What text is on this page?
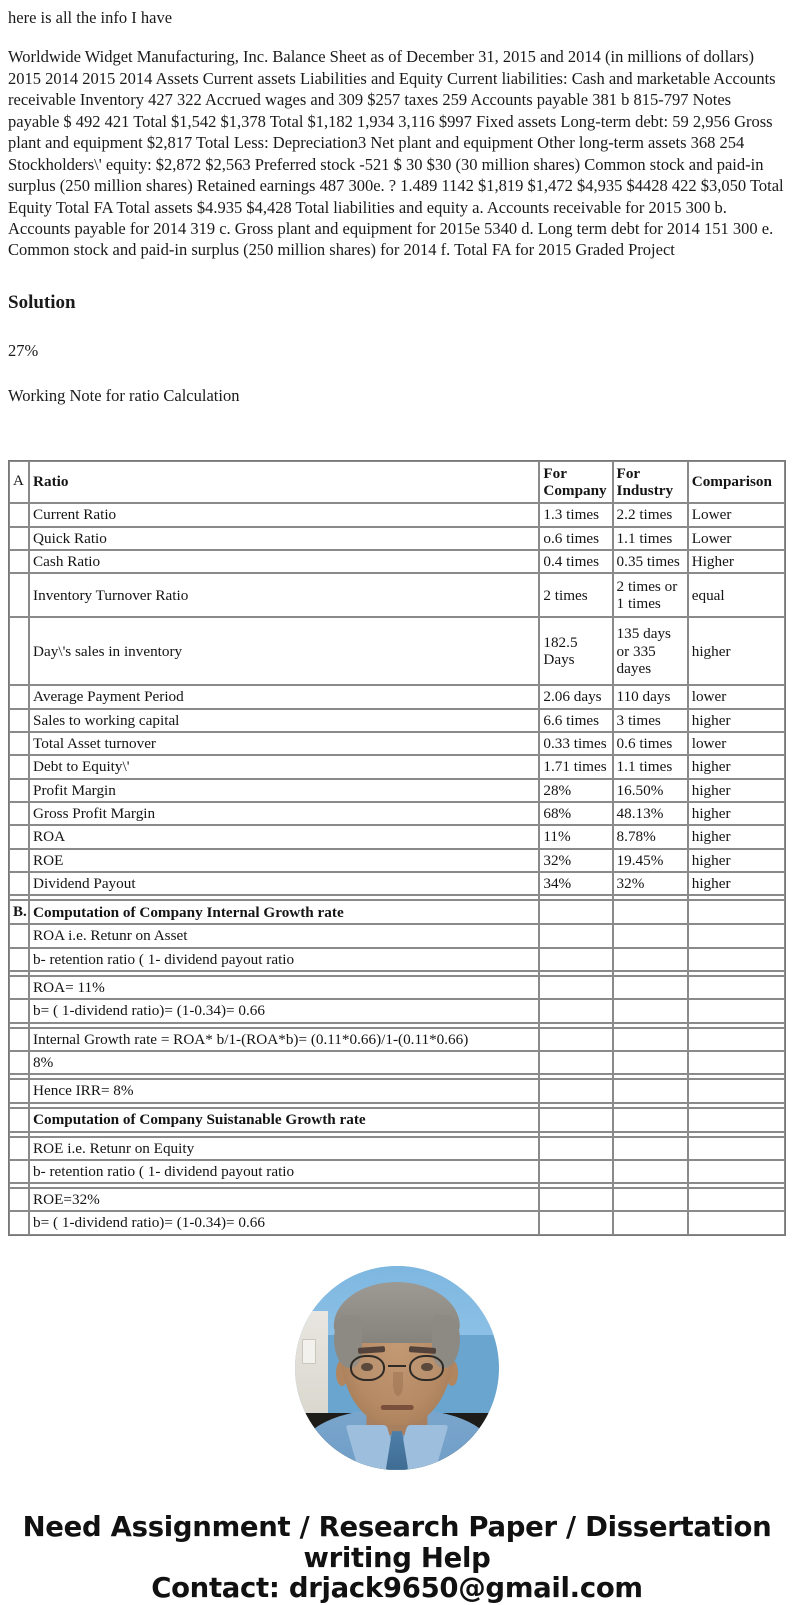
here is all the info I have

Worldwide Widget Manufacturing, Inc. Balance Sheet as of December 31, 2015 and 2014 (in millions of dollars) 2015 2014 2015 2014 Assets Current assets Liabilities and Equity Current liabilities: Cash and marketable Accounts receivable Inventory 427 322 Accrued wages and 309 $257 taxes 259 Accounts payable 381 b 815-797 Notes payable $ 492 421 Total $1,542 $1,378 Total $1,182 1,934 3,116 $997 Fixed assets Long-term debt: 59 2,956 Gross plant and equipment $2,817 Total Less: Depreciation3 Net plant and equipment Other long-term assets 368 254 Stockholders\' equity: $2,872 $2,563 Preferred stock -521 $ 30 $30 (30 million shares) Common stock and paid-in surplus (250 million shares) Retained earnings 487 300e. ? 1.489 1142 $1,819 $1,472 $4,935 $4428 422 $3,050 Total Equity Total FA Total assets $4.935 $4,428 Total liabilities and equity a. Accounts receivable for 2015 300 b. Accounts payable for 2014 319 c. Gross plant and equipment for 2015e 5340 d. Long term debt for 2014 151 300 e. Common stock and paid-in surplus (250 million shares) for 2014 f. Total FA for 2015 Graded Project

Solution

27%

Working Note for ratio Calculation

A	Ratio	For Company	For Industry	Comparison
	Current Ratio	1.3 times	2.2 times	Lower
	Quick Ratio	o.6 times	1.1 times	Lower
	Cash Ratio	0.4 times	0.35 times	Higher
	Inventory Turnover Ratio	2 times	2 times or 1 times	equal
	Day\'s sales in inventory	182.5 Days	135 days or 335 dayes	higher
	Average Payment Period	2.06 days	110 days	lower
	Sales to working capital	6.6 times	3 times	higher
	Total Asset turnover	0.33 times	0.6 times	lower
	Debt to Equity\'	1.71 times	1.1 times	higher
	Profit Margin	28%	16.50%	higher
	Gross Profit Margin	68%	48.13%	higher
	ROA	11%	8.78%	higher
	ROE	32%	19.45%	higher
	Dividend Payout	34%	32%	higher

B.	Computation of Company Internal Growth rate			
	ROA i.e. Retunr on Asset			
	b- retention ratio ( 1- dividend payout ratio			

	ROA= 11%			
	b= ( 1-dividend ratio)= (1-0.34)= 0.66			

	Internal Growth rate = ROA* b/1-(ROA*b)= (0.11*0.66)/1-(0.11*0.66)			
	8%			

	Hence IRR= 8%			

	Computation of Company Suistanable Growth rate			

	ROE i.e. Retunr on Equity			
	b- retention ratio ( 1- dividend payout ratio			

	ROE=32%			
	b= ( 1-dividend ratio)= (1-0.34)= 0.66			
Need Assignment / Research Paper / Dissertation
writing Help
Contact: drjack9650@gmail.com
